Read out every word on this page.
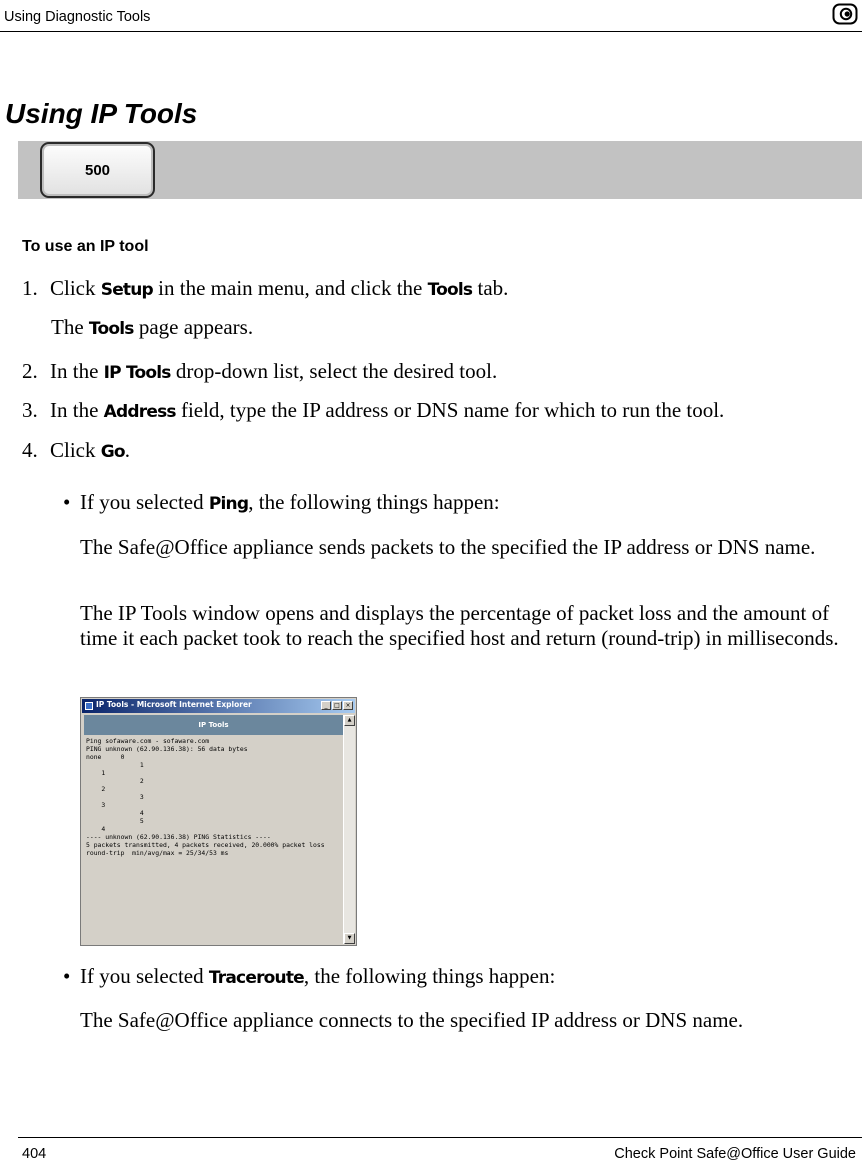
Using Diagnostic Tools
Using IP Tools
500
To use an IP tool
1. Click Setup in the main menu, and click the Tools tab.
The Tools page appears.
2. In the IP Tools drop-down list, select the desired tool.
3. In the Address field, type the IP address or DNS name for which to run the tool.
4. Click Go.
• If you selected Ping, the following things happen:
The Safe@Office appliance sends packets to the specified the IP address or DNS name.
The IP Tools window opens and displays the percentage of packet loss and the amount of time it each packet took to reach the specified host and return (round-trip) in milliseconds.
IP Tools - Microsoft Internet Explorer	_	□ ×
IP Tools
Ping sofaware.com - sofaware.com
PING unknown (62.90.136.38): 56 data bytes
none     0
1
1
2
2
3
3
4
5
4
---- unknown (62.90.136.38) PING Statistics ----
5 packets transmitted, 4 packets received, 20.000% packet loss
round-trip  min/avg/max = 25/34/53 ms
▲
▼
• If you selected Traceroute, the following things happen:
The Safe@Office appliance connects to the specified IP address or DNS name.
404	Check Point Safe@Office User Guide
